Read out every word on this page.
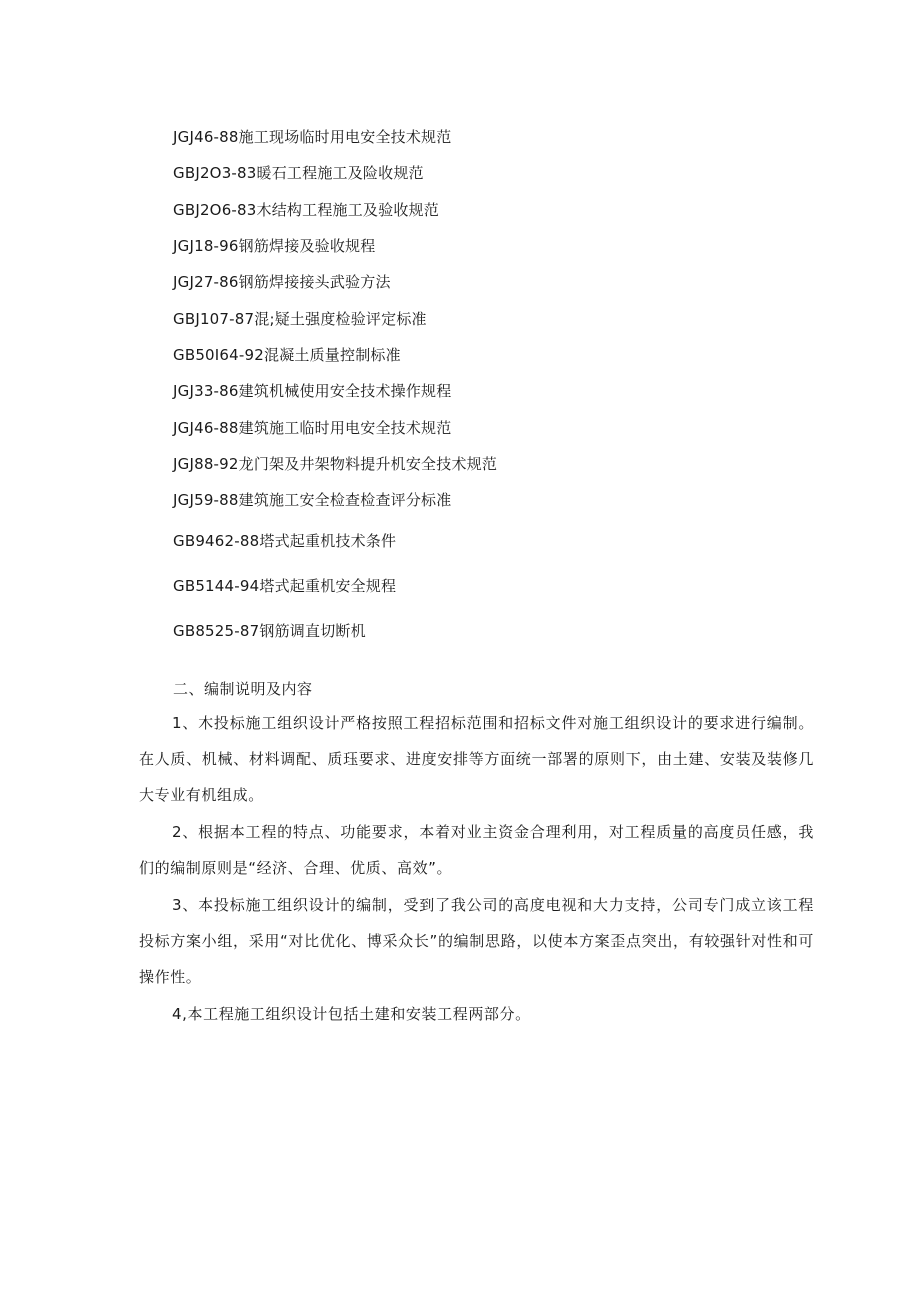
JGJ46-88施工现场临时用电安全技术规范
GBJ2O3-83暖石工程施工及险收规范
GBJ2O6-83木结构工程施工及验收规范
JGJ18-96钢筋焊接及验收规程
JGJ27-86钢筋焊接接头武验方法
GBJ107-87混;疑土强度检验评定标准
GB50I64-92混凝土质量控制标准
JGJ33-86建筑机械使用安全技术操作规程
JGJ46-88建筑施工临时用电安全技术规范
JGJ88-92龙门架及井架物料提升机安全技术规范
JGJ59-88建筑施工安全检查检查评分标准
GB9462-88塔式起重机技术条件
GB5144-94塔式起重机安全规程
GB8525-87钢筋调直切断机
二、编制说明及内容

1、木投标施工组织设计严格按照工程招标范围和招标文件对施工组织设计的要求进行编制。在人质、机械、材料调配、质珏要求、进度安排等方面统一部署的原则下，由土建、安装及装修几大专业有机组成。

2、根据本工程的特点、功能要求，本着对业主资金合理利用，对工程质量的高度员任感，我们的编制原则是“经济、合理、优质、高效”。

3、本投标施工组织设计的编制，受到了我公司的高度电视和大力支持，公司专门成立该工程投标方案小组，采用“对比优化、博采众长”的编制思路，以使本方案歪点突出，有较强针对性和可操作性。

4,本工程施工组织设计包括土建和安装工程两部分。
